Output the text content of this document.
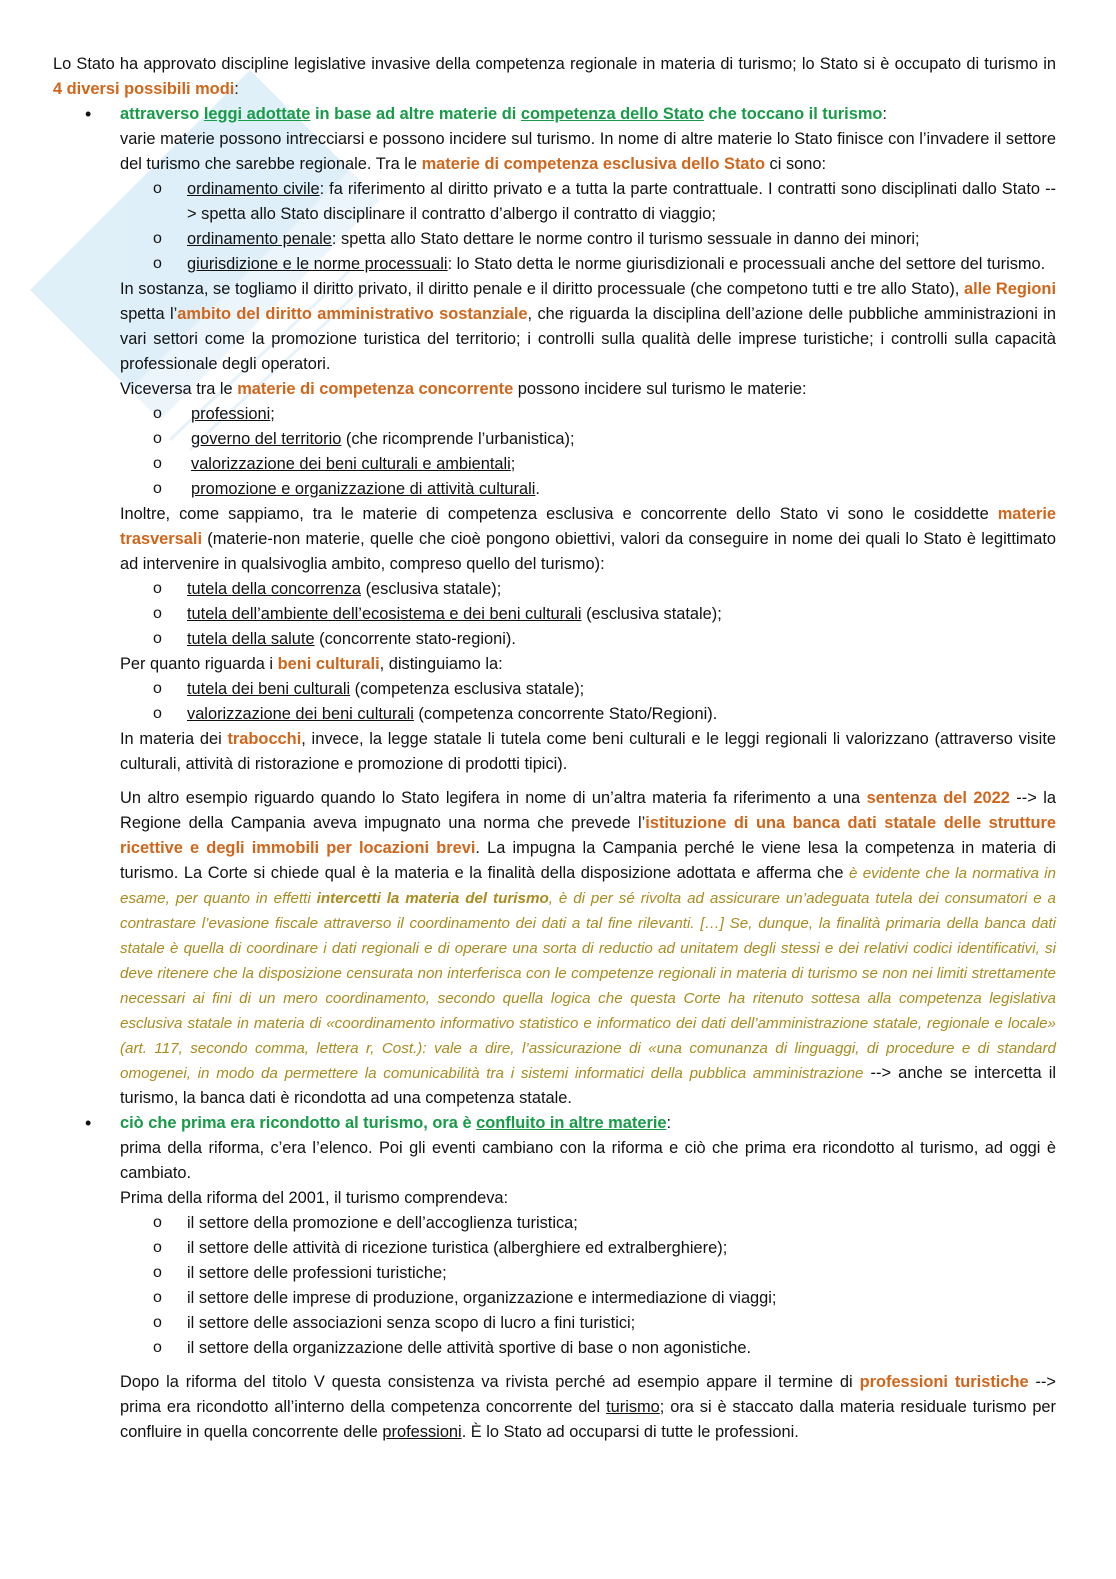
Lo Stato ha approvato discipline legislative invasive della competenza regionale in materia di turismo; lo Stato si è occupato di turismo in 4 diversi possibili modi:

• attraverso leggi adottate in base ad altre materie di competenza dello Stato che toccano il turismo:

varie materie possono intrecciarsi e possono incidere sul turismo. In nome di altre materie lo Stato finisce con l’invadere il settore del turismo che sarebbe regionale. Tra le materie di competenza esclusiva dello Stato ci sono:

o ordinamento civile: fa riferimento al diritto privato e a tutta la parte contrattuale. I contratti sono disciplinati dallo Stato --> spetta allo Stato disciplinare il contratto d’albergo il contratto di viaggio;
o ordinamento penale: spetta allo Stato dettare le norme contro il turismo sessuale in danno dei minori;
o giurisdizione e le norme processuali: lo Stato detta le norme giurisdizionali e processuali anche del settore del turismo.

In sostanza, se togliamo il diritto privato, il diritto penale e il diritto processuale (che competono tutti e tre allo Stato), alle Regioni spetta l’ambito del diritto amministrativo sostanziale, che riguarda la disciplina dell’azione delle pubbliche amministrazioni in vari settori come la promozione turistica del territorio; i controlli sulla qualità delle imprese turistiche; i controlli sulla capacità professionale degli operatori.

Viceversa tra le materie di competenza concorrente possono incidere sul turismo le materie:

o professioni;
o governo del territorio (che ricomprende l’urbanistica);
o valorizzazione dei beni culturali e ambientali;
o promozione e organizzazione di attività culturali.

Inoltre, come sappiamo, tra le materie di competenza esclusiva e concorrente dello Stato vi sono le cosiddette materie trasversali (materie-non materie, quelle che cioè pongono obiettivi, valori da conseguire in nome dei quali lo Stato è legittimato ad intervenire in qualsivoglia ambito, compreso quello del turismo):

o tutela della concorrenza (esclusiva statale);
o tutela dell’ambiente dell’ecosistema e dei beni culturali (esclusiva statale);
o tutela della salute (concorrente stato-regioni).

Per quanto riguarda i beni culturali, distinguiamo la:

o tutela dei beni culturali (competenza esclusiva statale);
o valorizzazione dei beni culturali (competenza concorrente Stato/Regioni).

In materia dei trabocchi, invece, la legge statale li tutela come beni culturali e le leggi regionali li valorizzano (attraverso visite culturali, attività di ristorazione e promozione di prodotti tipici).

Un altro esempio riguardo quando lo Stato legifera in nome di un’altra materia fa riferimento a una sentenza del 2022 --> la Regione della Campania aveva impugnato una norma che prevede l’istituzione di una banca dati statale delle strutture ricettive e degli immobili per locazioni brevi. La impugna la Campania perché le viene lesa la competenza in materia di turismo. La Corte si chiede qual è la materia e la finalità della disposizione adottata e afferma che è evidente che la normativa in esame, per quanto in effetti intercetti la materia del turismo, è di per sé rivolta ad assicurare un’adeguata tutela dei consumatori e a contrastare l’evasione fiscale attraverso il coordinamento dei dati a tal fine rilevanti. […] Se, dunque, la finalità primaria della banca dati statale è quella di coordinare i dati regionali e di operare una sorta di reductio ad unitatem degli stessi e dei relativi codici identificativi, si deve ritenere che la disposizione censurata non interferisca con le competenze regionali in materia di turismo se non nei limiti strettamente necessari ai fini di un mero coordinamento, secondo quella logica che questa Corte ha ritenuto sottesa alla competenza legislativa esclusiva statale in materia di «coordinamento informativo statistico e informatico dei dati dell’amministrazione statale, regionale e locale» (art. 117, secondo comma, lettera r, Cost.): vale a dire, l’assicurazione di «una comunanza di linguaggi, di procedure e di standard omogenei, in modo da permettere la comunicabilità tra i sistemi informatici della pubblica amministrazione --> anche se intercetta il turismo, la banca dati è ricondotta ad una competenza statale.

• ciò che prima era ricondotto al turismo, ora è confluito in altre materie:

prima della riforma, c’era l’elenco. Poi gli eventi cambiano con la riforma e ciò che prima era ricondotto al turismo, ad oggi è cambiato.

Prima della riforma del 2001, il turismo comprendeva:

o il settore della promozione e dell’accoglienza turistica;
o il settore delle attività di ricezione turistica (alberghiere ed extralberghiere);
o il settore delle professioni turistiche;
o il settore delle imprese di produzione, organizzazione e intermediazione di viaggi;
o il settore delle associazioni senza scopo di lucro a fini turistici;
o il settore della organizzazione delle attività sportive di base o non agonistiche.

Dopo la riforma del titolo V questa consistenza va rivista perché ad esempio appare il termine di professioni turistiche --> prima era ricondotto all’interno della competenza concorrente del turismo; ora si è staccato dalla materia residuale turismo per confluire in quella concorrente delle professioni. È lo Stato ad occuparsi di tutte le professioni.
